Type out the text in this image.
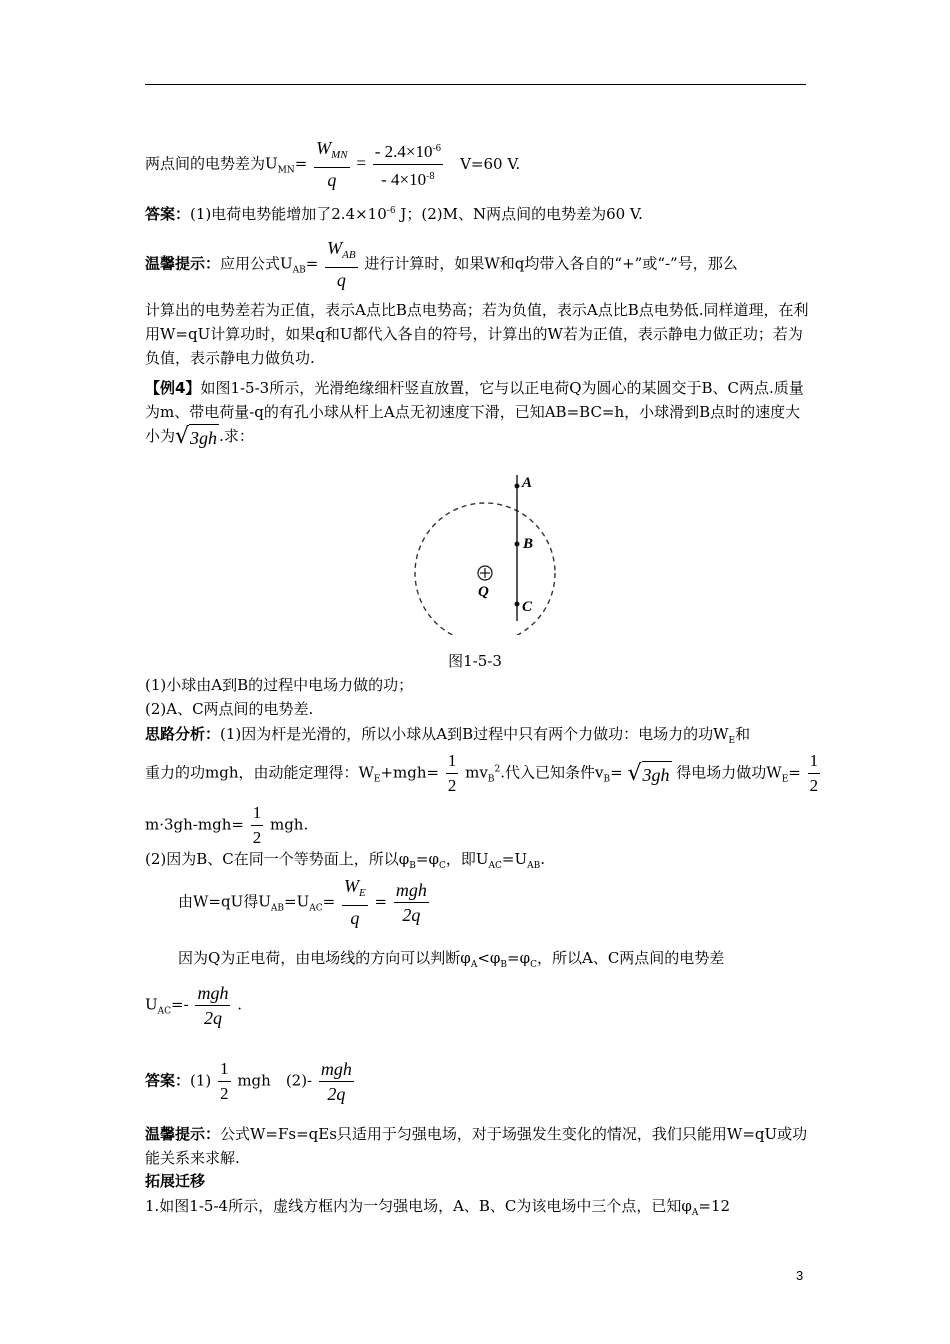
两点间的电势差为$U_{MN}= \frac{W_{MN}}{q} = \frac{- 2.4\times 10^{-6}}{- 4\times 10^{-8}} V=60$ V.
答案：(1)电荷电势能增加了$2.4\times 10^{-6}$ J；(2)M、N两点间的电势差为60 V.
温馨提示：应用公式$U_{AB}= \frac{W_{AB}}{q}$ 进行计算时，如果W和q均带入各自的“+”或“-”号，那么

计算出的电势差若为正值，表示A点比B点电势高；若为负值，表示A点比B点电势低.同样道理，在利用W=qU计算功时，如果q和U都代入各自的符号，计算出的W若为正值，表示静电力做正功；若为负值，表示静电力做负功.

【例4】如图1-5-3所示，光滑绝缘细杆竖直放置，它与以正电荷Q为圆心的某圆交于B、C两点.质量为m、带电荷量-q的有孔小球从杆上A点无初速度下滑，已知AB=BC=h，小球滑到B点时的速度大小为 √ 3gh .求：
A
B
C
Q
图1-5-3
(1)小球由A到B的过程中电场力做的功；
(2)A、C两点间的电势差.
思路分析：(1)因为杆是光滑的，所以小球从A到B过程中只有两个力做功：电场力的功$W_E$和
重力的功mgh，由动能定理得：$W_E+mgh= \frac{1}{2} mv_B^2$.代入已知条件$v_B=$ √ 3gh 得电场力做功$W_E= \frac{1}{2}$
$m\cdot 3gh-mgh= \frac{1}{2}$ mgh.
(2)因为B、C在同一个等势面上，所以$\varphi_B=\varphi_C$，即$U_{AC}=U_{AB}$.
由W=qU得$U_{AB}=U_{AC}= \frac{W_E}{q} = \frac{\text{mgh}}{2q}$
因为Q为正电荷，由电场线的方向可以判断$\varphi_A<\varphi_B=\varphi_C$，所以A、C两点间的电势差
$U_{AC}=- \frac{\text{mgh}}{2q}$ .
答案：$(1) \frac{1}{2}$ mgh　$(2)- \frac{\text{mgh}}{2q}$
温馨提示：公式W=Fs=qEs只适用于匀强电场，对于场强发生变化的情况，我们只能用W=qU或功能关系来求解.
拓展迁移
1.如图1-5-4所示，虚线方框内为一匀强电场，A、B、C为该电场中三个点，已知$\varphi_A=12$
3
